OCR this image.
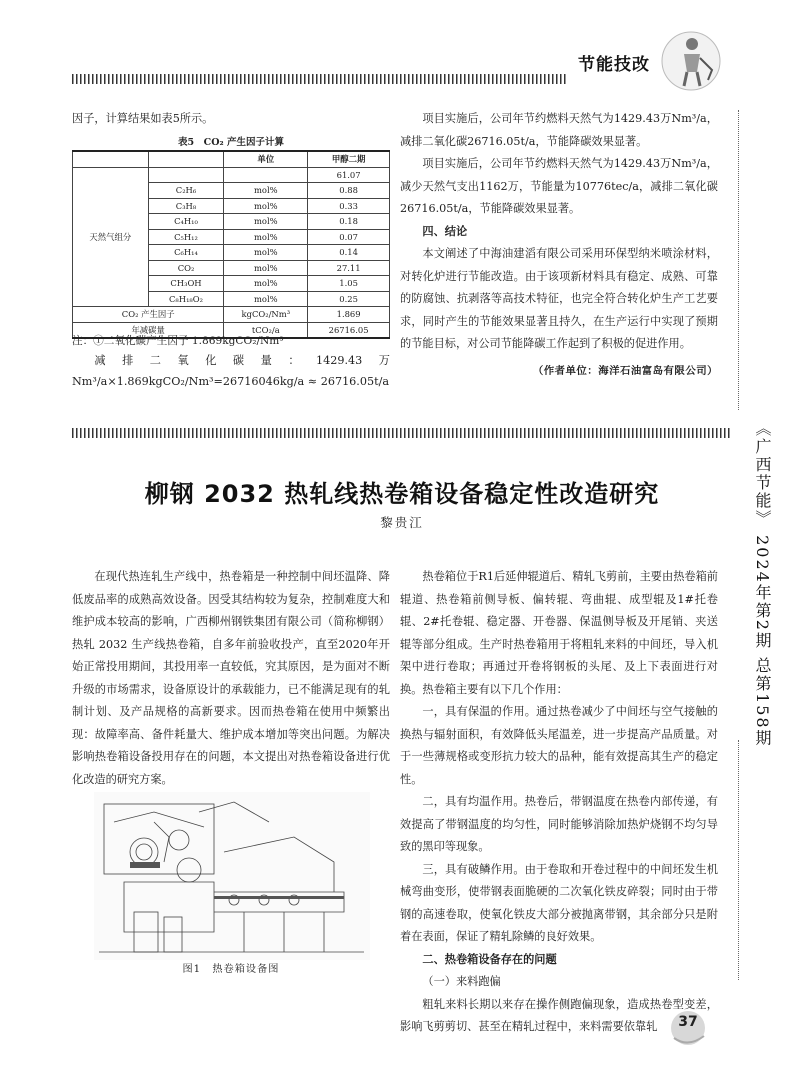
节能技改
《广西节能》 2024年第2期 总第158期

因子，计算结果如表5所示。

表5　CO₂ 产生因子计算
		单位	甲醇二期
天然气组分			61.07
	C₂H₆	mol%	0.88
	C₃H₈	mol%	0.33
	C₄H₁₀	mol%	0.18
	C₅H₁₂	mol%	0.07
	C₆H₁₄	mol%	0.14
	CO₂	mol%	27.11
	CH₃OH	mol%	1.05
	C₈H₁₈O₂	mol%	0.25
CO₂ 产生因子		kgCO₂/Nm³	1.869
年减碳量		tCO₂/a	26716.05
注：①二氧化碳产生因子 1.869kgCO₂/Nm³

减排二氧化碳量：1429.43万 Nm³/a×1.869kgCO₂/Nm³=26716046kg/a ≈ 26716.05t/a

项目实施后，公司年节约燃料天然气为1429.43万Nm³/a，减排二氧化碳26716.05t/a，节能降碳效果显著。

项目实施后，公司年节约燃料天然气为1429.43万Nm³/a，减少天然气支出1162万，节能量为10776tec/a，减排二氧化碳26716.05t/a，节能降碳效果显著。

四、结论

本文阐述了中海油建滔有限公司采用环保型纳米喷涂材料，对转化炉进行节能改造。由于该项新材料具有稳定、成熟、可靠的防腐蚀、抗剥落等高技术特征，也完全符合转化炉生产工艺要求，同时产生的节能效果显著且持久，在生产运行中实现了预期的节能目标，对公司节能降碳工作起到了积极的促进作用。

（作者单位：海洋石油富岛有限公司）
柳钢 2032 热轧线热卷箱设备稳定性改造研究
黎贵江

在现代热连轧生产线中，热卷箱是一种控制中间坯温降、降低废品率的成熟高效设备。因受其结构较为复杂，控制难度大和维护成本较高的影响，广西柳州钢铁集团有限公司（简称柳钢）热轧 2032 生产线热卷箱，自多年前验收投产，直至2020年开始正常投用期间，其投用率一直较低，究其原因，是为面对不断升级的市场需求，设备原设计的承载能力，已不能满足现有的轧制计划、及产品规格的高新要求。因而热卷箱在使用中频繁出现：故障率高、备件耗量大、维护成本增加等突出问题。为解决影响热卷箱设备投用存在的问题，本文提出对热卷箱设备进行优化改造的研究方案。

图1　热卷箱设备图

热卷箱位于R1后延伸辊道后、精轧飞剪前，主要由热卷箱前辊道、热卷箱前侧导板、偏转辊、弯曲辊、成型辊及1#托卷辊、2#托卷辊、稳定器、开卷器、保温侧导板及开尾销、夹送辊等部分组成。生产时热卷箱用于将粗轧来料的中间坯，导入机架中进行卷取；再通过开卷将钢板的头尾、及上下表面进行对换。热卷箱主要有以下几个作用：

一，具有保温的作用。通过热卷减少了中间坯与空气接触的换热与辐射面积，有效降低头尾温差，进一步提高产品质量。对于一些薄规格或变形抗力较大的品种，能有效提高其生产的稳定性。

二，具有均温作用。热卷后，带钢温度在热卷内部传递，有效提高了带钢温度的均匀性，同时能够消除加热炉烧钢不均匀导致的黑印等现象。

三，具有破鳞作用。由于卷取和开卷过程中的中间坯发生机械弯曲变形，使带钢表面脆硬的二次氧化铁皮碎裂；同时由于带钢的高速卷取，使氧化铁皮大部分被抛离带钢，其余部分只是附着在表面，保证了精轧除鳞的良好效果。

二、热卷箱设备存在的问题

（一）来料跑偏

粗轧来料长期以来存在操作侧跑偏现象，造成热卷型变差，影响飞剪剪切、甚至在精轧过程中，来料需要依靠轧	37
